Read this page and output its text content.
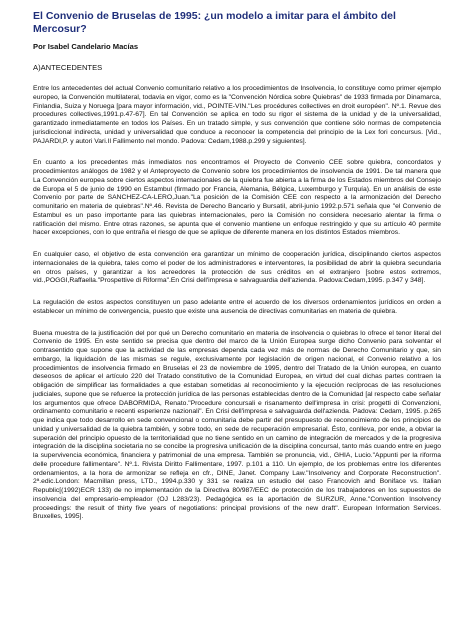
El Convenio de Bruselas de 1995: ¿un modelo a imitar para el ámbito del Mercosur?
Por Isabel Candelario Macías
A)ANTECEDENTES

Entre los antecedentes del actual Convenio comunitario relativo a los procedimientos de Insolvencia, lo constituye como primer ejemplo europeo, la Convención multilateral, todavía en vigor, como es la "Convención Nórdica sobre Quiebras" de 1933 firmada por Dinamarca, Finlandia, Suiza y Noruega [para mayor información, vid., POINTE-VIN."Les procédures collectives en droit européen". Nº.1. Revue des procedures collectives,1991.p.47-67]. En tal Convención se aplica en todo su rigor el sistema de la unidad y de la universalidad, garantizado inmediatamente en todos los Países. En un tratado simple, y sus convención que contiene sólo normas de competencia jurisdiccional indirecta, unidad y universalidad que conduce a reconocer la competencia del principio de la Lex fori concursus. [Vid., PAJARDI,P. y autori Vari.Il Fallimento nel mondo. Padova: Cedam,1988.p.299 y siguientes].

En cuanto a los precedentes más inmediatos nos encontramos el Proyecto de Convenio CEE sobre quiebra, concordatos y procedimientos análogos de 1982 y el Anteproyecto de Convenio sobre los procedimientos de insolvencia de 1991. De tal manera que La Convención europea sobre ciertos aspectos internacionales de la quiebra fue abierta a la firma de los Estados miembros del Consejo de Europa el 5 de junio de 1990 en Estambul (firmado por Francia, Alemania, Bélgica, Luxemburgo y Turquía). En un análisis de este Convenio por parte de SANCHEZ-CA-LERO,Juan."La posición de la Comisión CEE con respecto a la armonización del Derecho comunitario en materia de quiebras".Nº.46. Revista de Derecho Bancario y Bursatil, abril-junio 1992.p.571 señala que "el Convenio de Estambul es un paso importante para las quiebras internacionales, pero la Comisión no considera necesario alentar la firma o ratificación del mismo. Entre otras razones, se apunta que el convenio mantiene un enfoque restringido y que su artículo 40 permite hacer excepciones, con lo que entraña el riesgo de que se aplique de diferente manera en los distintos Estados miembros.

En cualquier caso, el objetivo de esta convención era garantizar un mínimo de cooperación jurídica, disciplinando ciertos aspectos internacionales de la quiebra, tales como el poder de los administradores e interventores, la posibilidad de abrir la quiebra secundaria en otros países, y garantizar a los acreedores la protección de sus créditos en el extranjero [sobre estos extremos, vid.,POGGI,Raffaella."Prospettive di Riforma".En Crisi dell'impresa e salvaguardia dell'azienda. Padova:Cedam,1995. p.347 y 348].

La regulación de estos aspectos constituyen un paso adelante entre el acuerdo de los diversos ordenamientos jurídicos en orden a establecer un mínimo de convergencia, puesto que existe una ausencia de directivas comunitarias en materia de quiebra.

Buena muestra de la justificación del por qué un Derecho comunitario en materia de insolvencia o quiebras lo ofrece el tenor literal del Convenio de 1995. En este sentido se precisa que dentro del marco de la Unión Europea surge dicho Convenio para solventar el contrasentido que supone que la actividad de las empresas dependa cada vez más de normas de Derecho Comunitario y que, sin embargo, la liquidación de las mismas se regule, exclusivamente por legislación de origen nacional, el Convenio relativo a los procedimientos de insolvencia firmado en Bruselas el 23 de noviembre de 1995, dentro del Tratado de la Unión europea, en cuanto deseosos de aplicar el artículo 220 del Tratado constitutivo de la Comunidad Europea, en virtud del cual dichas partes contraen la obligación de simplificar las formalidades a que estaban sometidas al reconocimiento y la ejecución recíprocas de las resoluciones judiciales, supone que se refuerce la protección jurídica de las personas establecidas dentro de la Comunidad [al respecto cabe señalar los argumentos que ofrece DABORMIDA, Renato."Procedure concursali e risanamento dell'impresa in crisi: progetti di Convenzioni, ordinamento comunitario e recenti esperienze nazionali". En Crisi dell'impresa e salvaguarda dell'azienda. Padova: Cedam, 1995. p.265 que indica que todo desarrollo en sede convencional o comunitaria debe partir del presupuesto de reconocimiento de los principios de unidad y universalidad de la quiebra también, y sobre todo, en sede de recuperación empresarial. Ésto, conlleva, por ende, a obviar la superación del principio opuesto de la territorialidad que no tiene sentido en un camino de integración de mercados y de la progresiva integración de la disciplina societaria no se concibe la progresiva unificación de la disciplina concursal, tanto más cuando entre en juego la supervivencia económica, financiera y patrimonial de una empresa. También se pronuncia, vid., GHIA, Lucio."Appunti per la riforma delle procedure fallimentare". Nº.1. Rivista Diritto Fallimentare, 1997. p.101 a 110. Un ejemplo, de los problemas entre los diferentes ordenamientos, a la hora de armonizar se refleja en cfr., DINE, Janet. Company Law."Insolvency and Corporate Reconstruction". 2ª.edic.London: Macmillan press, LTD., 1994.p.330 y 331 se realiza un estudio del caso Francovich and Boniface vs. Italian Republic[(1992)ECR 133) de no implementación de la Directiva 80/987/EEC de protección de los trabajadores en los supuestos de insolvencia del empresario-empleador (OJ L283/23). Pedagógica es la aportación de SURZUR, Anne."Convention Insolvency proceedings: the result of thirty five years of negotiations: principal provisions of the new draft". European Information Services. Bruxelles, 1995].
